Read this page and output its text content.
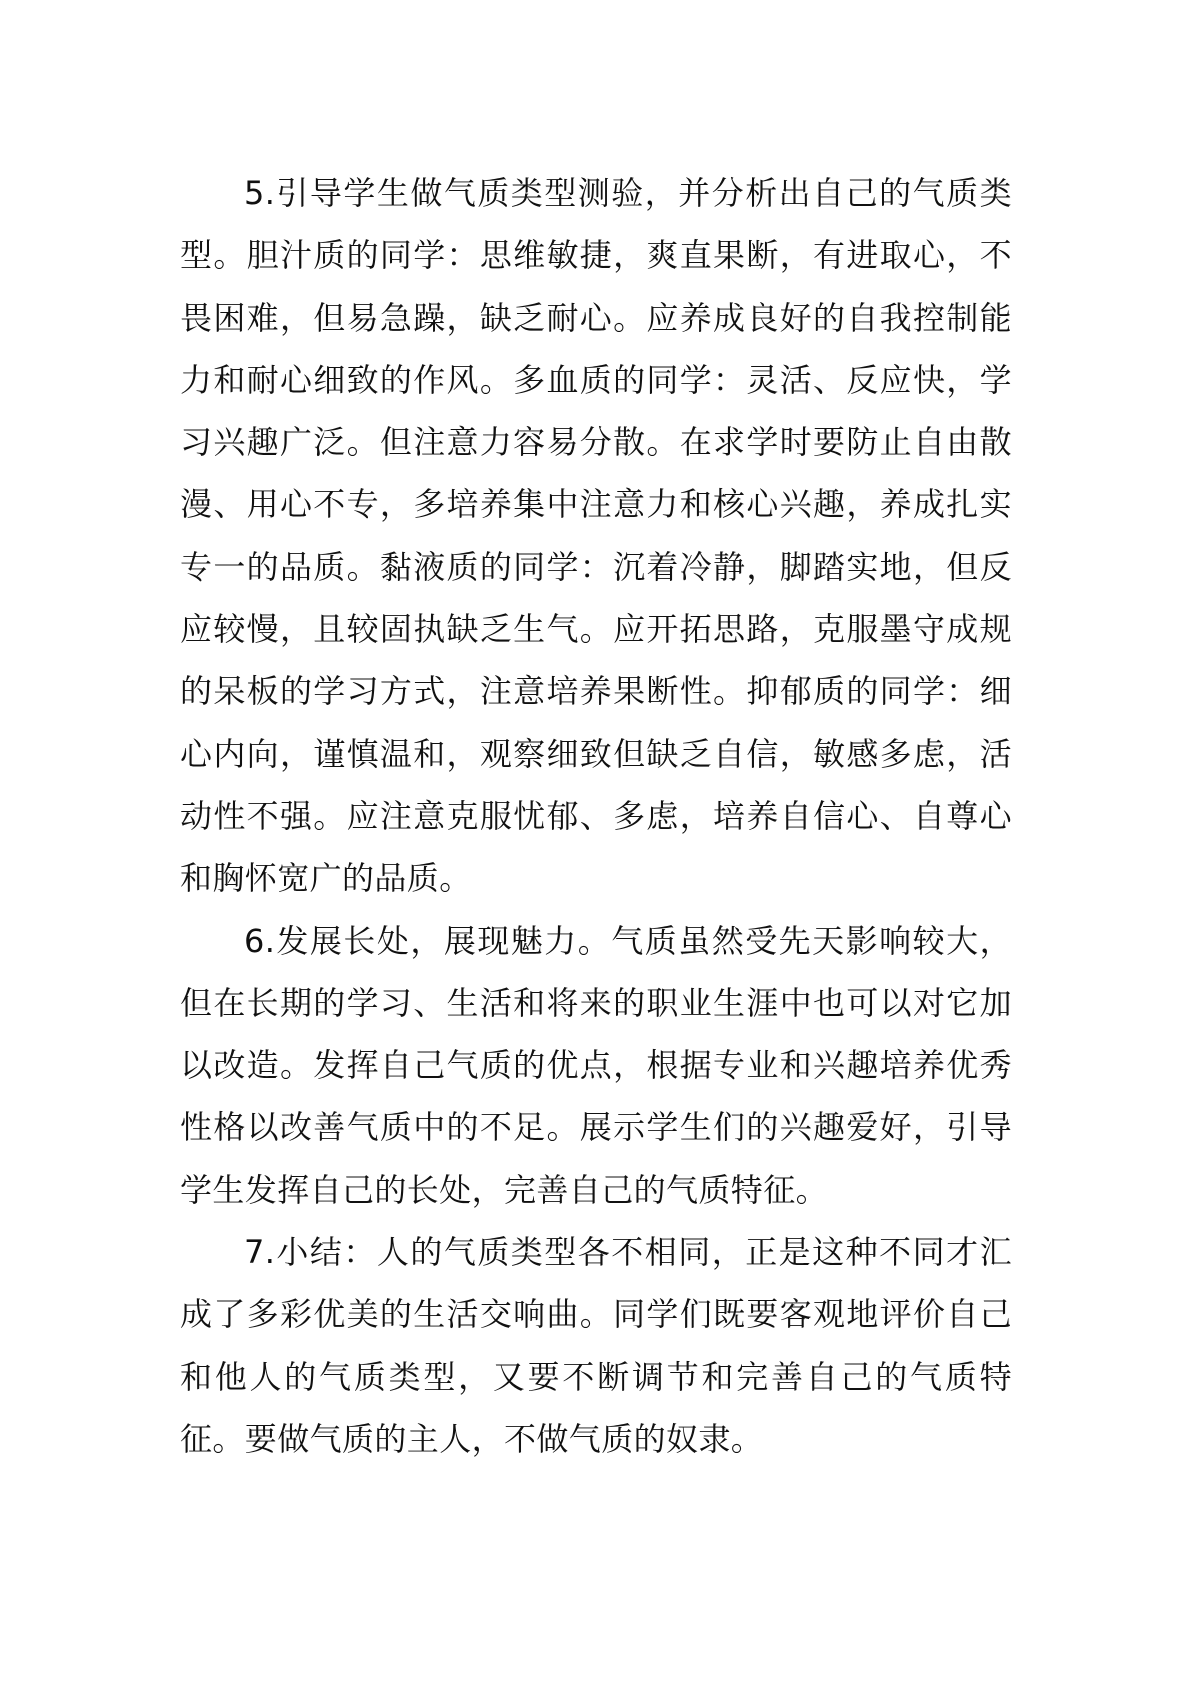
5.引导学生做气质类型测验，并分析出自己的气质类型。胆汁质的同学：思维敏捷，爽直果断，有进取心，不畏困难，但易急躁，缺乏耐心。应养成良好的自我控制能力和耐心细致的作风。多血质的同学：灵活、反应快，学习兴趣广泛。但注意力容易分散。在求学时要防止自由散漫、用心不专，多培养集中注意力和核心兴趣，养成扎实专一的品质。黏液质的同学：沉着冷静，脚踏实地，但反应较慢，且较固执缺乏生气。应开拓思路，克服墨守成规的呆板的学习方式，注意培养果断性。抑郁质的同学：细心内向，谨慎温和，观察细致但缺乏自信，敏感多虑，活动性不强。应注意克服忧郁、多虑，培养自信心、自尊心和胸怀宽广的品质。

6.发展长处，展现魅力。气质虽然受先天影响较大，但在长期的学习、生活和将来的职业生涯中也可以对它加以改造。发挥自己气质的优点，根据专业和兴趣培养优秀性格以改善气质中的不足。展示学生们的兴趣爱好，引导学生发挥自己的长处，完善自己的气质特征。

7.小结：人的气质类型各不相同，正是这种不同才汇成了多彩优美的生活交响曲。同学们既要客观地评价自己和他人的气质类型，又要不断调节和完善自己的气质特征。要做气质的主人，不做气质的奴隶。
